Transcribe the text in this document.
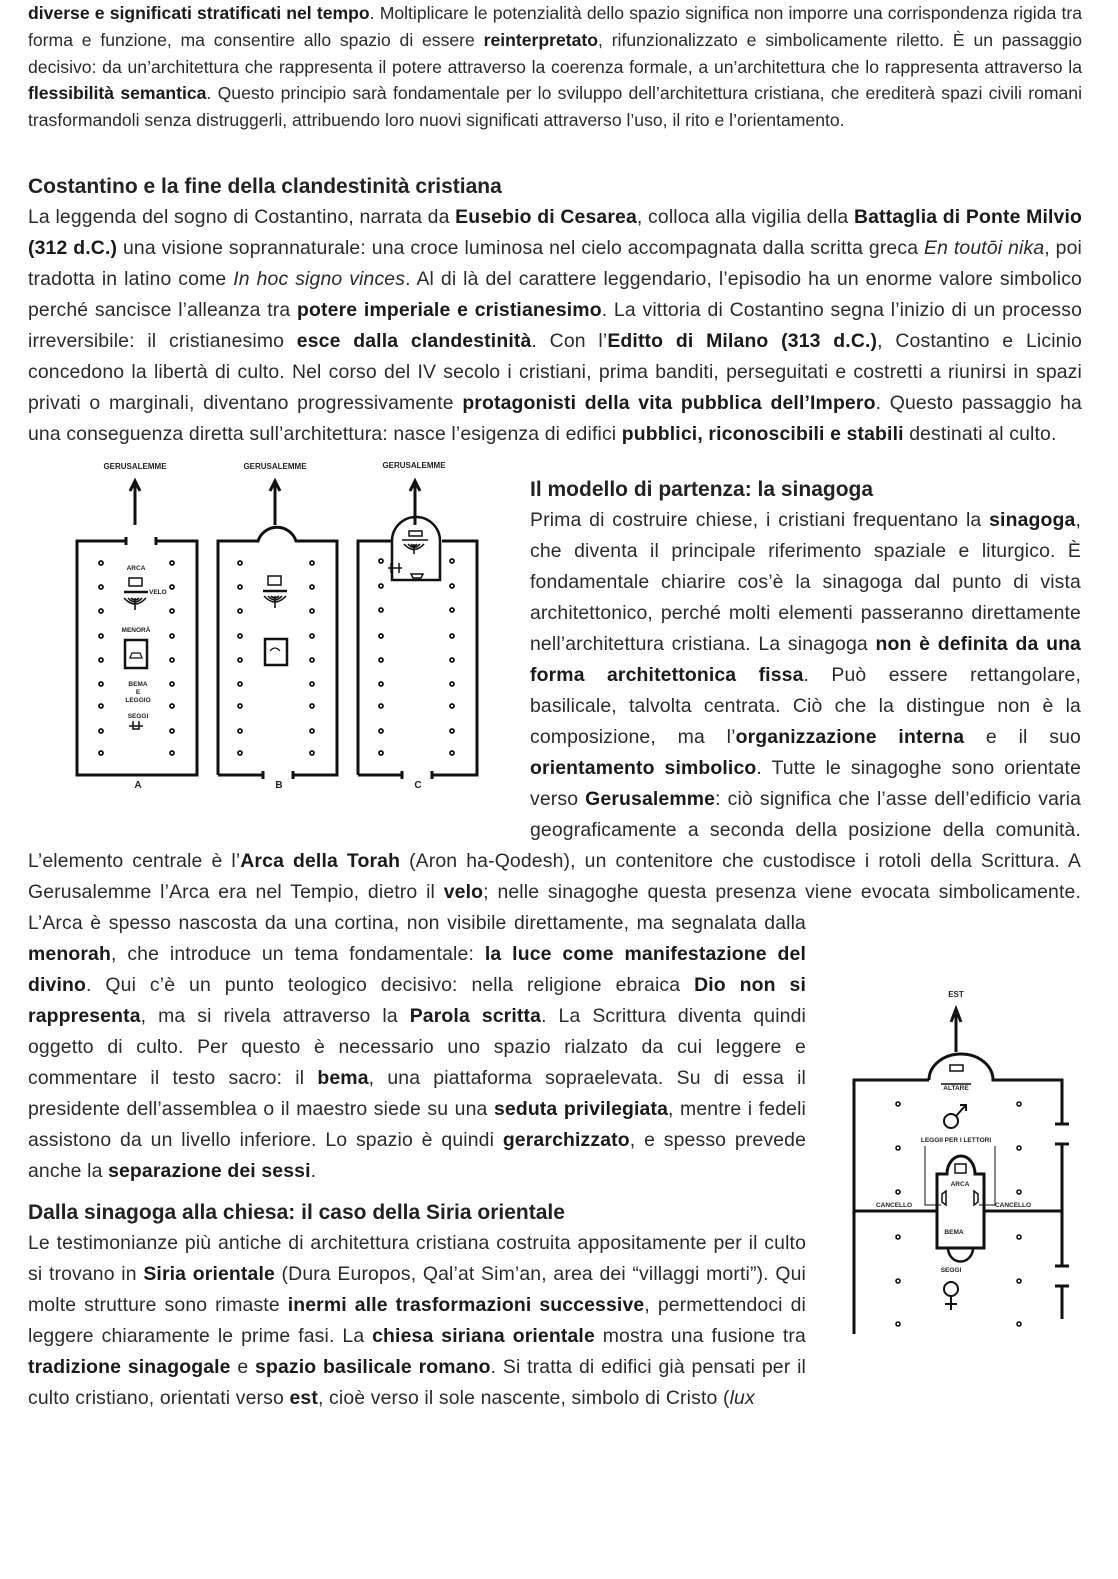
diverse e significati stratificati nel tempo. Moltiplicare le potenzialità dello spazio significa non imporre una corrispondenza rigida tra forma e funzione, ma consentire allo spazio di essere reinterpretato, rifunzionalizzato e simbolicamente riletto. È un passaggio decisivo: da un’architettura che rappresenta il potere attraverso la coerenza formale, a un’architettura che lo rappresenta attraverso la flessibilità semantica. Questo principio sarà fondamentale per lo sviluppo dell’architettura cristiana, che erediterà spazi civili romani trasformandoli senza distruggerli, attribuendo loro nuovi significati attraverso l’uso, il rito e l’orientamento.

Costantino e la fine della clandestinità cristiana

La leggenda del sogno di Costantino, narrata da Eusebio di Cesarea, colloca alla vigilia della Battaglia di Ponte Milvio (312 d.C.) una visione soprannaturale: una croce luminosa nel cielo accompagnata dalla scritta greca En toutōi nika, poi tradotta in latino come In hoc signo vinces. Al di là del carattere leggendario, l’episodio ha un enorme valore simbolico perché sancisce l’alleanza tra potere imperiale e cristianesimo. La vittoria di Costantino segna l’inizio di un processo irreversibile: il cristianesimo esce dalla clandestinità. Con l’Editto di Milano (313 d.C.), Costantino e Licinio concedono la libertà di culto. Nel corso del IV secolo i cristiani, prima banditi, perseguitati e costretti a riunirsi in spazi privati o marginali, diventano progressivamente protagonisti della vita pubblica dell’Impero. Questo passaggio ha una conseguenza diretta sull’architettura: nasce l’esigenza di edifici pubblici, riconoscibili e stabili destinati al culto.

GERUSALEMME	GERUSALEMME	GERUSALEMME
ARCA
VELO
MENORÀ
BEMA
E
LEGGIO
SEGGI
A	B	C
Il modello di partenza: la sinagoga
EST
ALTARE
LEGGII PER I LETTORI
ARCA
CANCELLO	CANCELLO
BEMA
SEGGI

Prima di costruire chiese, i cristiani frequentano la sinagoga, che diventa il principale riferimento spaziale e liturgico. È fondamentale chiarire cos’è la sinagoga dal punto di vista architettonico, perché molti elementi passeranno direttamente nell’architettura cristiana. La sinagoga non è definita da una forma architettonica fissa. Può essere rettangolare, basilicale, talvolta centrata. Ciò che la distingue non è la composizione, ma l’organizzazione interna e il suo orientamento simbolico. Tutte le sinagoghe sono orientate verso Gerusalemme: ciò significa che l’asse dell’edificio varia geograficamente a seconda della posizione della comunità. L’elemento centrale è l’Arca della Torah (Aron ha-Qodesh), un contenitore che custodisce i rotoli della Scrittura. A Gerusalemme l’Arca era nel Tempio, dietro il velo; nelle sinagoghe questa presenza viene evocata simbolicamente. L’Arca è spesso nascosta da una cortina, non visibile direttamente, ma segnalata dalla menorah, che introduce un tema fondamentale: la luce come manifestazione del divino. Qui c’è un punto teologico decisivo: nella religione ebraica Dio non si rappresenta, ma si rivela attraverso la Parola scritta. La Scrittura diventa quindi oggetto di culto. Per questo è necessario uno spazio rialzato da cui leggere e commentare il testo sacro: il bema, una piattaforma sopraelevata. Su di essa il presidente dell’assemblea o il maestro siede su una seduta privilegiata, mentre i fedeli assistono da un livello inferiore. Lo spazio è quindi gerarchizzato, e spesso prevede anche la separazione dei sessi.

Dalla sinagoga alla chiesa: il caso della Siria orientale

Le testimonianze più antiche di architettura cristiana costruita appositamente per il culto si trovano in Siria orientale (Dura Europos, Qal’at Sim’an, area dei “villaggi morti”). Qui molte strutture sono rimaste inermi alle trasformazioni successive, permettendoci di leggere chiaramente le prime fasi. La chiesa siriana orientale mostra una fusione tra tradizione sinagogale e spazio basilicale romano. Si tratta di edifici già pensati per il culto cristiano, orientati verso est, cioè verso il sole nascente, simbolo di Cristo (lux
